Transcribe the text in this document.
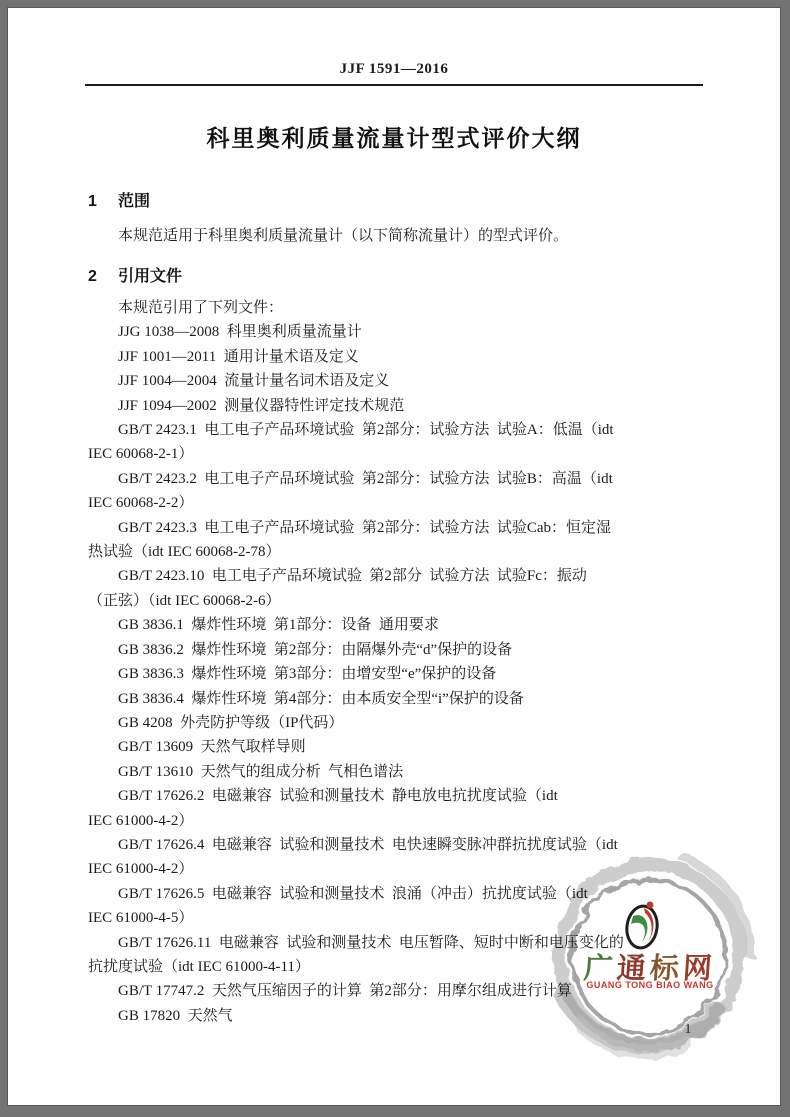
JJF 1591—2016
科里奥利质量流量计型式评价大纲
1 范围
本规范适用于科里奥利质量流量计（以下简称流量计）的型式评价。
2 引用文件
本规范引用了下列文件：
JJG 1038—2008  科里奥利质量流量计
JJF 1001—2011  通用计量术语及定义
JJF 1004—2004  流量计量名词术语及定义
JJF 1094—2002  测量仪器特性评定技术规范
GB/T 2423.1  电工电子产品环境试验  第2部分：试验方法  试验A：低温（idt
IEC 60068-2-1）
GB/T 2423.2  电工电子产品环境试验  第2部分：试验方法  试验B：高温（idt
IEC 60068-2-2）
GB/T 2423.3  电工电子产品环境试验  第2部分：试验方法  试验Cab：恒定湿
热试验（idt IEC 60068-2-78）
GB/T 2423.10  电工电子产品环境试验  第2部分  试验方法  试验Fc：振动
（正弦）（idt IEC 60068-2-6）
GB 3836.1  爆炸性环境  第1部分：设备  通用要求
GB 3836.2  爆炸性环境  第2部分：由隔爆外壳“d”保护的设备
GB 3836.3  爆炸性环境  第3部分：由增安型“e”保护的设备
GB 3836.4  爆炸性环境  第4部分：由本质安全型“i”保护的设备
GB 4208  外壳防护等级（IP代码）
GB/T 13609  天然气取样导则
GB/T 13610  天然气的组成分析  气相色谱法
GB/T 17626.2  电磁兼容  试验和测量技术  静电放电抗扰度试验（idt
IEC 61000-4-2）
GB/T 17626.4  电磁兼容  试验和测量技术  电快速瞬变脉冲群抗扰度试验（idt
IEC 61000-4-2）
GB/T 17626.5  电磁兼容  试验和测量技术  浪涌（冲击）抗扰度试验（idt
IEC 61000-4-5）
GB/T 17626.11  电磁兼容  试验和测量技术  电压暂降、短时中断和电压变化的
抗扰度试验（idt IEC 61000-4-11）
GB/T 17747.2  天然气压缩因子的计算  第2部分：用摩尔组成进行计算
GB 17820  天然气
广通标网
GUANG TONG BIAO WANG
1
